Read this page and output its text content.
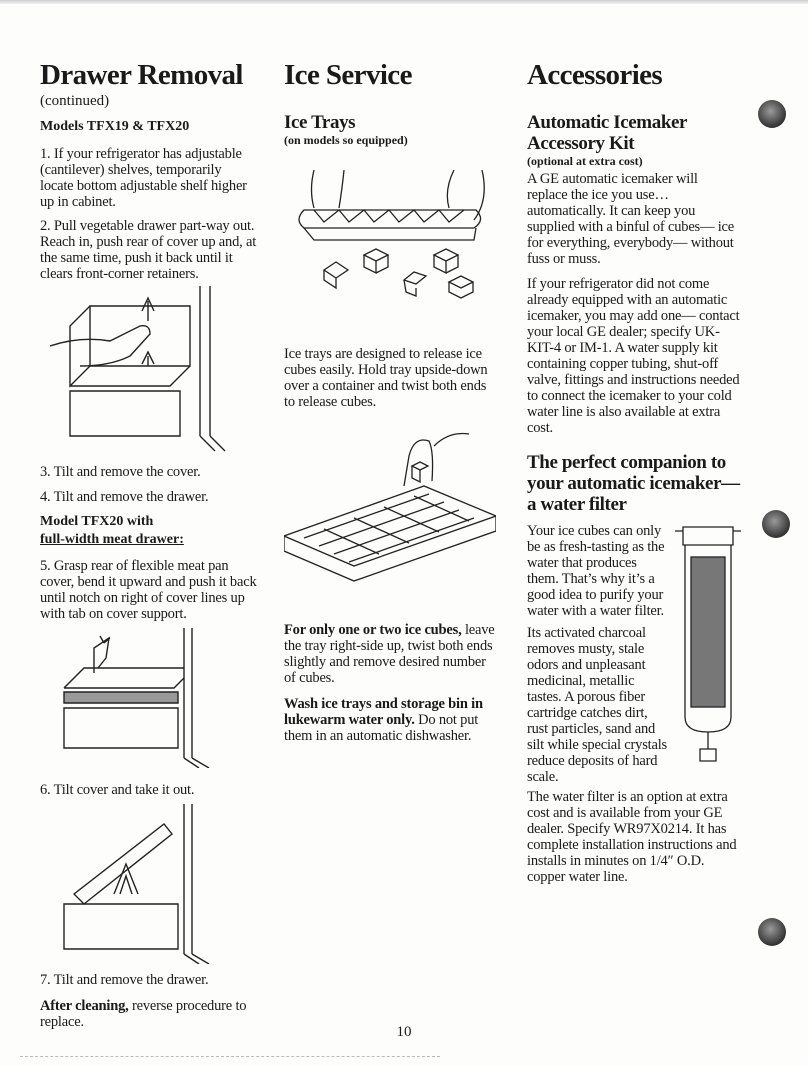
Drawer Removal
(continued)
Models TFX19 & TFX20

1. If your refrigerator has adjustable (cantilever) shelves, temporarily locate bottom adjustable shelf higher up in cabinet.

2. Pull vegetable drawer part-way out. Reach in, push rear of cover up and, at the same time, push it back until it clears front-corner retainers.

3. Tilt and remove the cover.

4. Tilt and remove the drawer.

Model TFX20 with
full-width meat drawer:

5. Grasp rear of flexible meat pan cover, bend it upward and push it back until notch on right of cover lines up with tab on cover support.

6. Tilt cover and take it out.

7. Tilt and remove the drawer.

After cleaning, reverse procedure to replace.

Ice Service
Ice Trays
(on models so equipped)

Ice trays are designed to release ice cubes easily. Hold tray upside-down over a container and twist both ends to release cubes.

For only one or two ice cubes, leave the tray right-side up, twist both ends slightly and remove desired number of cubes.

Wash ice trays and storage bin in lukewarm water only. Do not put them in an automatic dishwasher.

Accessories
Automatic Icemaker
Accessory Kit
(optional at extra cost)

A GE automatic icemaker will replace the ice you use… automatically. It can keep you supplied with a binful of cubes— ice for everything, everybody— without fuss or muss.

If your refrigerator did not come already equipped with an automatic icemaker, you may add one— contact your local GE dealer; specify UK-KIT-4 or IM-1. A water supply kit containing copper tubing, shut-off valve, fittings and instructions needed to connect the icemaker to your cold water line is also available at extra cost.

The perfect companion to
your automatic icemaker—
a water filter

Your ice cubes can only be as fresh-tasting as the water that produces them. That’s why it’s a good idea to purify your water with a water filter.

Its activated charcoal removes musty, stale odors and unpleasant medicinal, metallic tastes. A porous fiber cartridge catches dirt, rust particles, sand and silt while special crystals reduce deposits of hard scale.

The water filter is an option at extra cost and is available from your GE dealer. Specify WR97X0214. It has complete installation instructions and installs in minutes on 1/4″ O.D. copper water line.

10
